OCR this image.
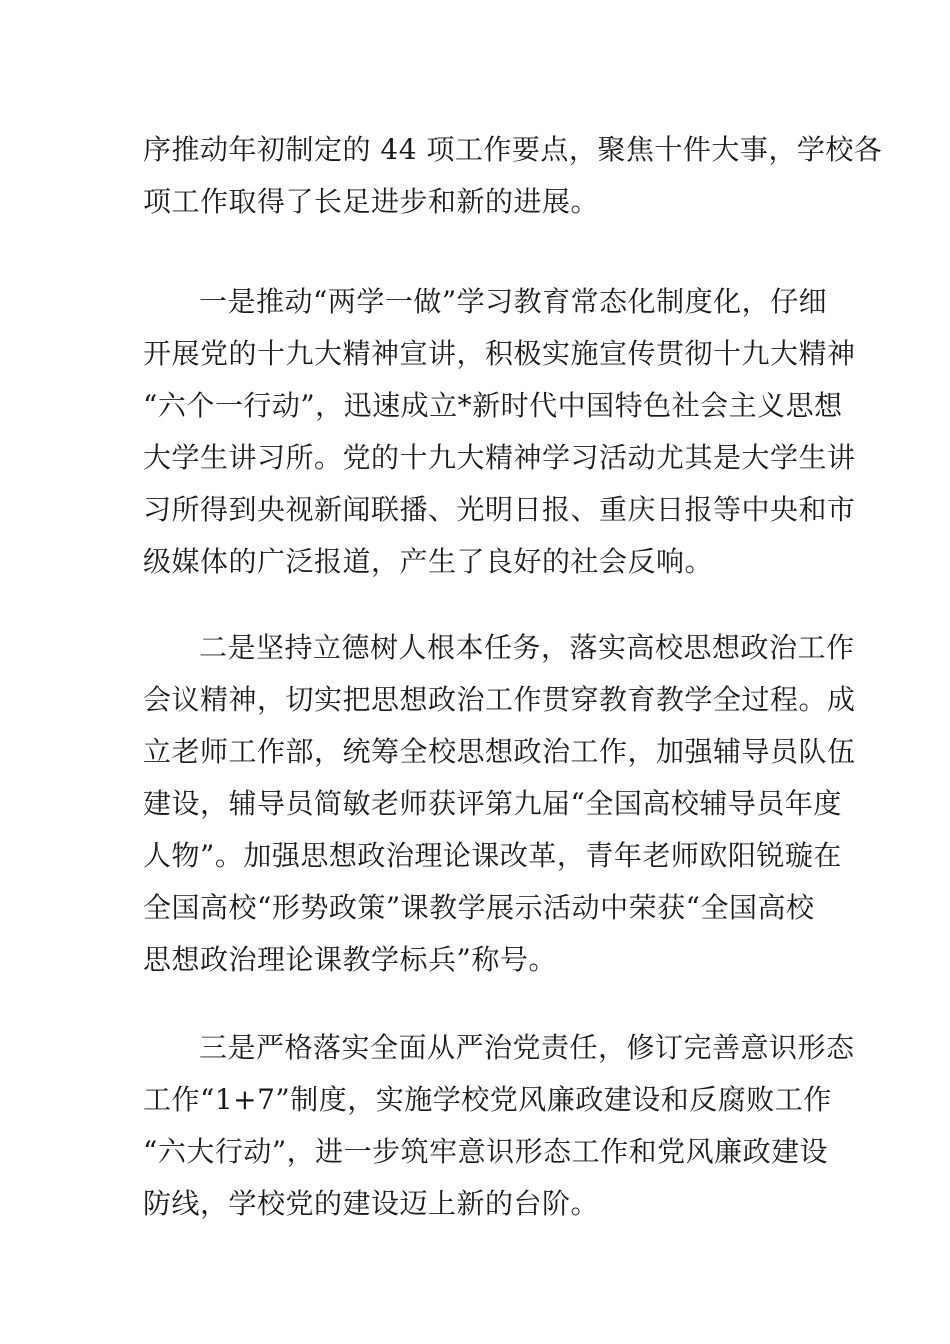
序推动年初制定的 44 项工作要点，聚焦十件大事，学校各
项工作取得了长足进步和新的进展。
一是推动“两学一做”学习教育常态化制度化，仔细
开展党的十九大精神宣讲，积极实施宣传贯彻十九大精神
“六个一行动”，迅速成立*新时代中国特色社会主义思想
大学生讲习所。党的十九大精神学习活动尤其是大学生讲
习所得到央视新闻联播、光明日报、重庆日报等中央和市
级媒体的广泛报道，产生了良好的社会反响。
二是坚持立德树人根本任务，落实高校思想政治工作
会议精神，切实把思想政治工作贯穿教育教学全过程。成
立老师工作部，统筹全校思想政治工作，加强辅导员队伍
建设，辅导员简敏老师获评第九届“全国高校辅导员年度
人物”。加强思想政治理论课改革，青年老师欧阳锐璇在
全国高校“形势政策”课教学展示活动中荣获“全国高校
思想政治理论课教学标兵”称号。
三是严格落实全面从严治党责任，修订完善意识形态
工作“1+7”制度，实施学校党风廉政建设和反腐败工作
“六大行动”，进一步筑牢意识形态工作和党风廉政建设
防线，学校党的建设迈上新的台阶。
